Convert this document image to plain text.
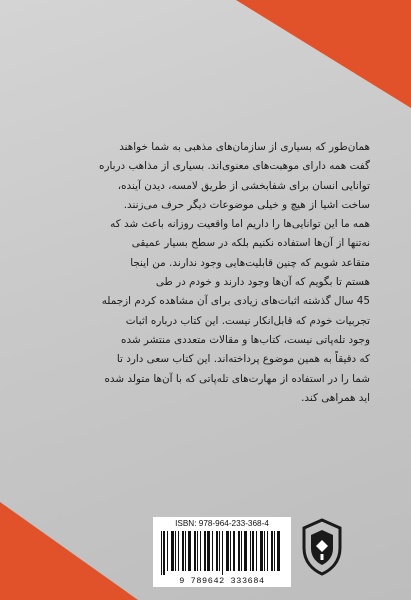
همان‌طور که بسیاری از سازمان‌های مذهبی به شما خواهند
گفت همه دارای موهبت‌های معنوی‌اند. بسیاری از مذاهب درباره
توانایی انسان برای شفابخشی از طریق لامسه، دیدن آینده،
ساخت اشیا از هیچ و خیلی موضوعات دیگر حرف می‌زنند.
همه ما این توانایی‌ها را داریم اما واقعیت روزانه باعث شد که
نه‌تنها از آن‌ها استفاده نکنیم بلکه در سطح بسیار عمیقی
متقاعد شویم که چنین قابلیت‌هایی وجود ندارند. من اینجا
هستم تا بگویم که آن‌ها وجود دارند و خودم در طی
45 سال گذشته اثبات‌های زیادی برای آن مشاهده کردم ازجمله
تجربیات خودم که قابل‌انکار نیست. این کتاب درباره اثبات
وجود تله‌پاتی نیست، کتاب‌ها و مقالات متعددی منتشر شده
که دقیقاً به همین موضوع پرداخته‌اند. این کتاب سعی دارد تا
شما را در استفاده از مهارت‌های تله‌پاتی که با آن‌ها متولد شده
اید همراهی کند.
ISBN: 978-964-233-368-4
9 789642 333684
